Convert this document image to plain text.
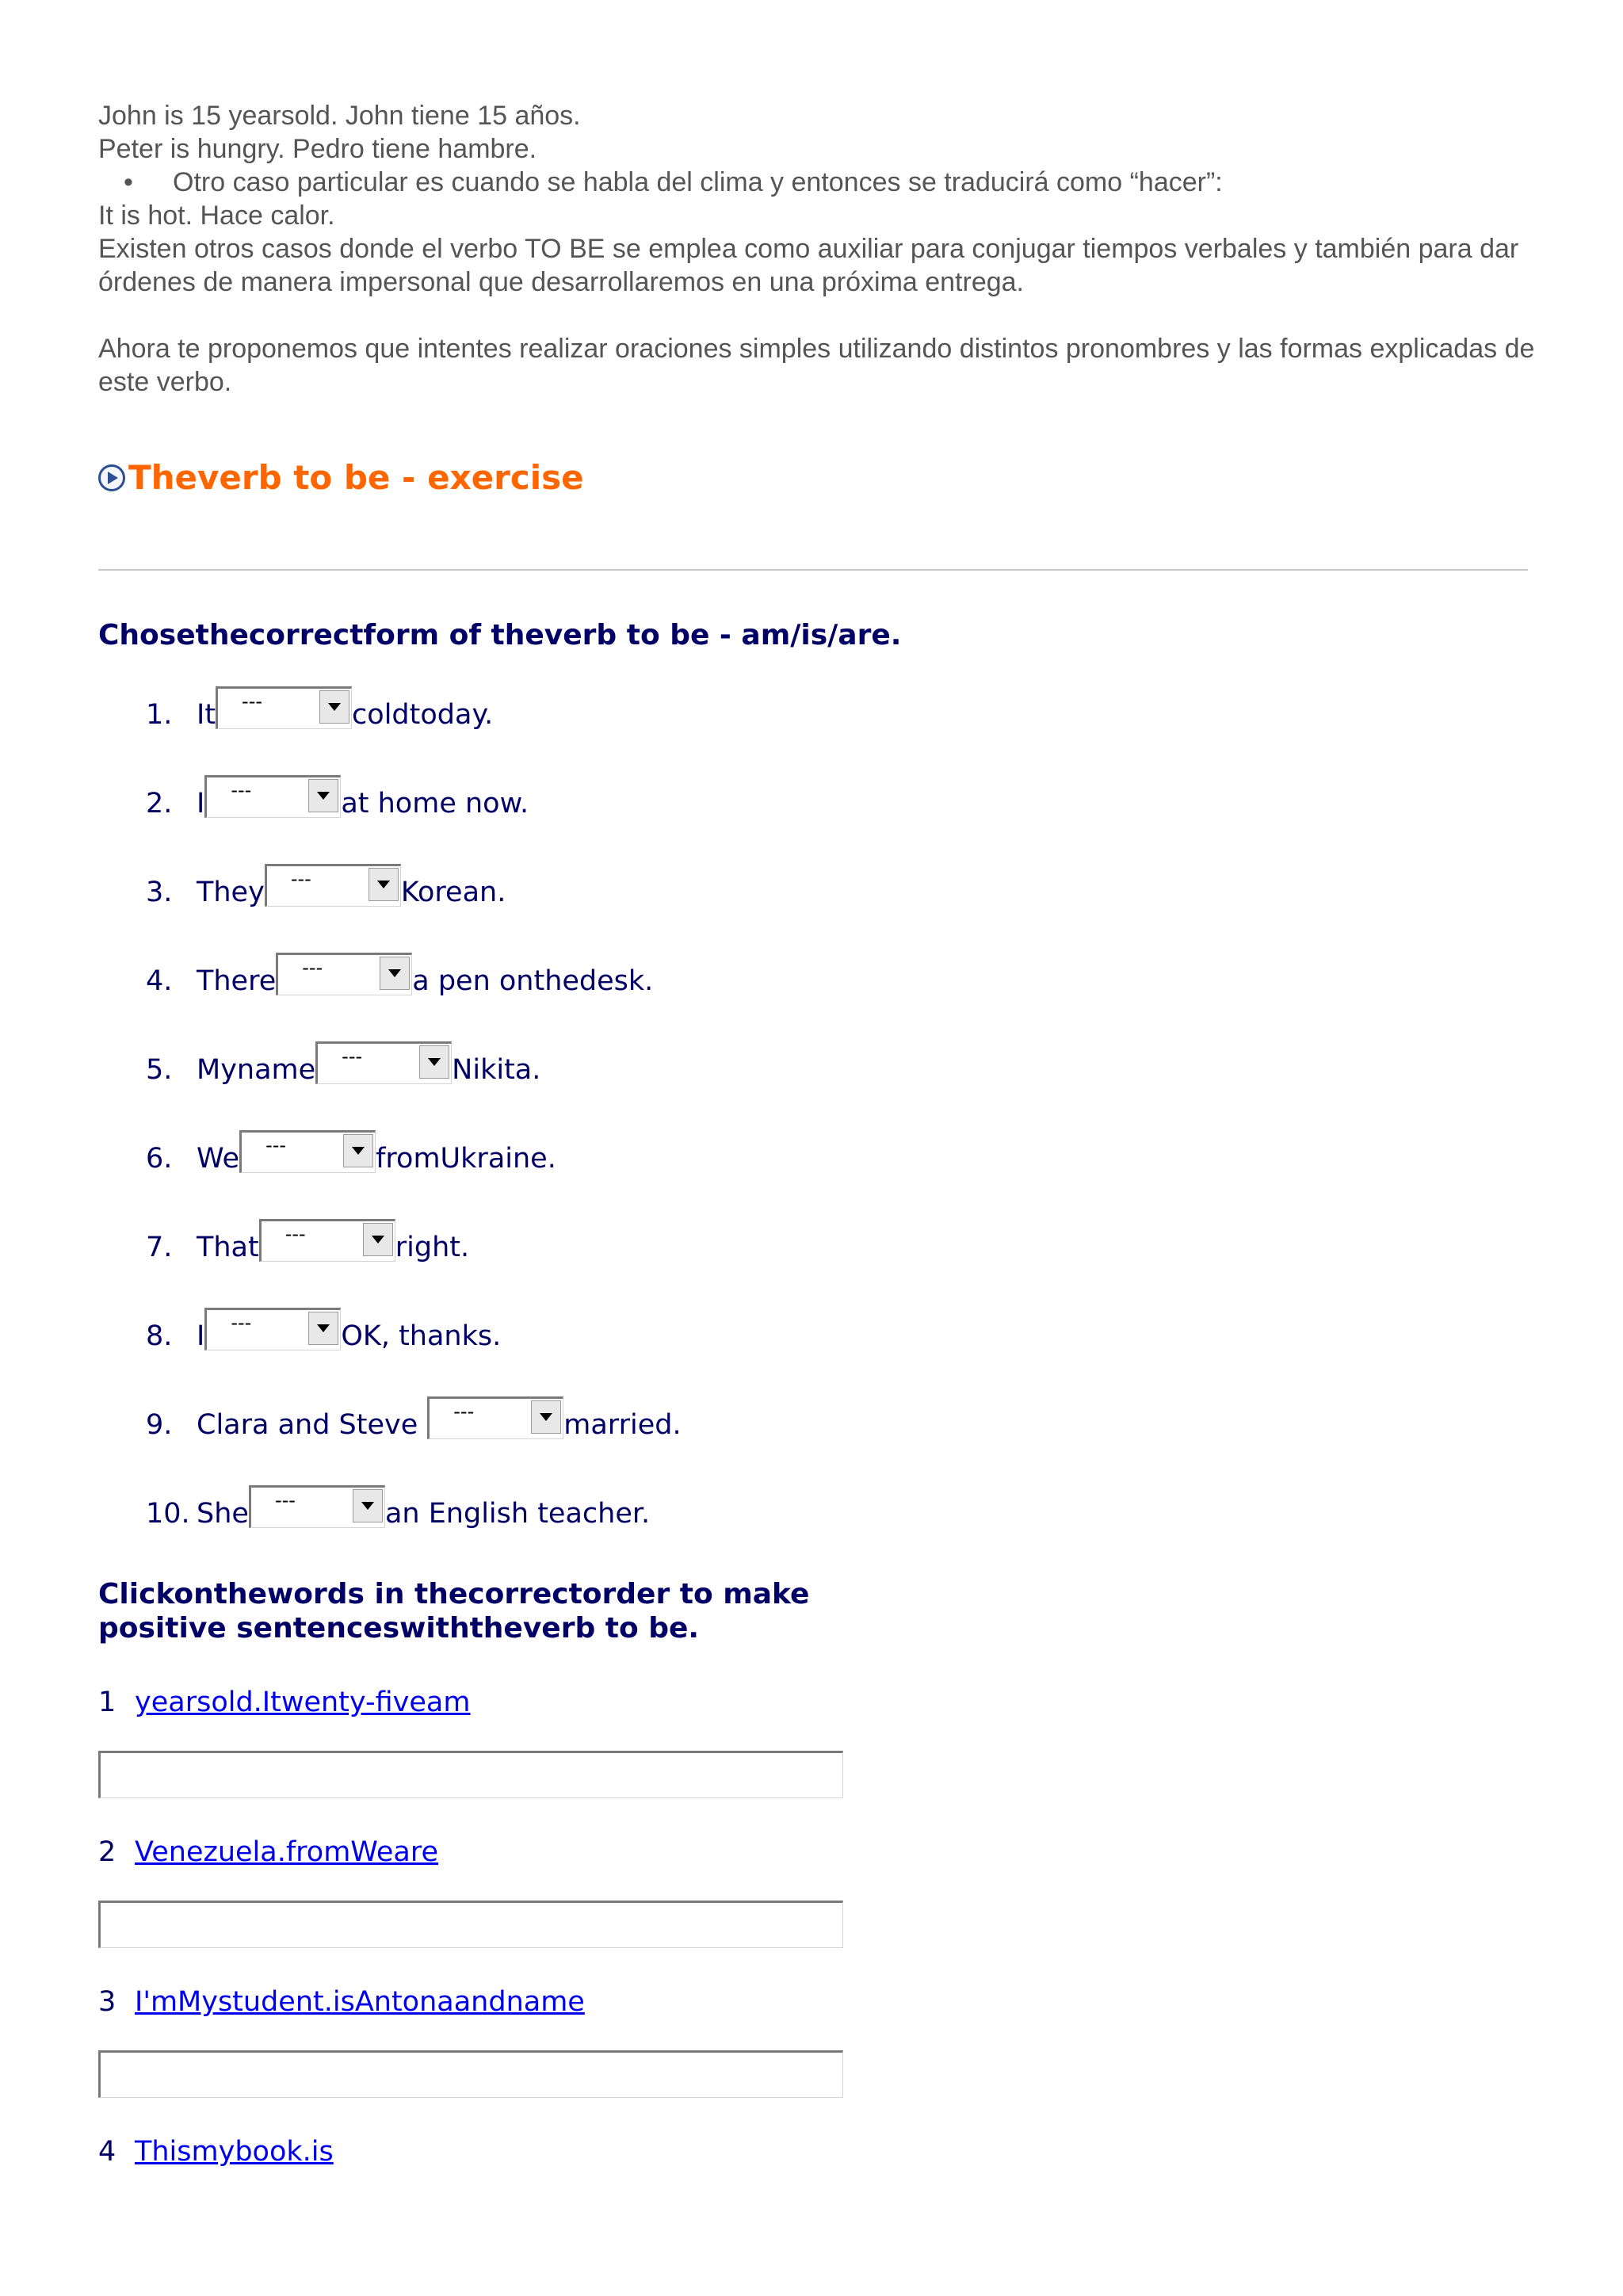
John is 15 yearsold. John tiene 15 años.

Peter is hungry. Pedro tiene hambre.

• Otro caso particular es cuando se habla del clima y entonces se traducirá como “hacer”:

It is hot. Hace calor.

Existen otros casos donde el verbo TO BE se emplea como auxiliar para conjugar tiempos verbales y también para dar órdenes de manera impersonal que desarrollaremos en una próxima entrega.

Ahora te proponemos que intentes realizar oraciones simples utilizando distintos pronombres y las formas explicadas de este verbo.

Theverb to be - exercise
Chosethecorrectform of theverb to be - am/is/are.
1. It ---	coldtoday.
2. I ---	at home now.
3. They ---	Korean.
4. There ---	a pen onthedesk.
5. Myname ---	Nikita.
6. We ---	fromUkraine.
7. That ---	right.
8. I ---	OK, thanks.
9. Clara and Steve ---	married.
10. She ---	an English teacher.
Clickonthewords in thecorrectorder to make
positive sentenceswiththeverb to be.
1 yearsold.Itwenty-fiveam
2 Venezuela.fromWeare
3 I'mMystudent.isAntonaandname
4 Thismybook.is
